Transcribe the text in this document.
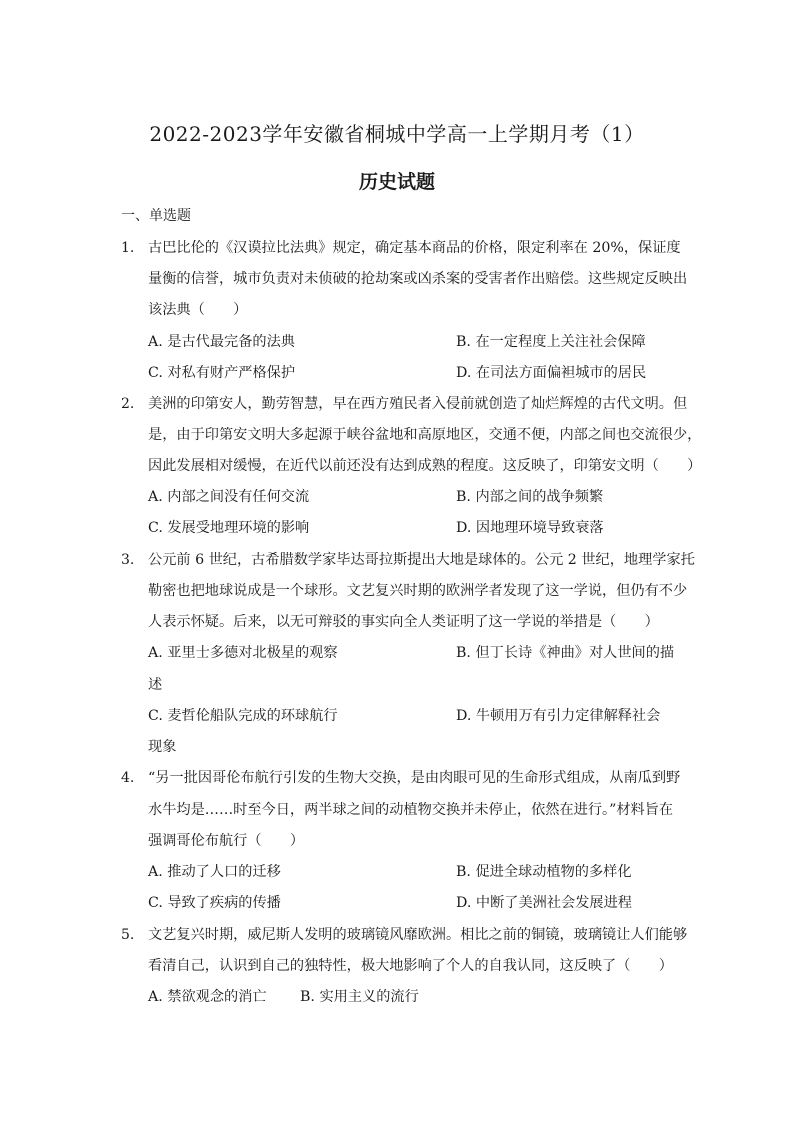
2022-2023学年安徽省桐城中学高一上学期月考（1）
历史试题
一、单选题
1. 古巴比伦的《汉谟拉比法典》规定，确定基本商品的价格，限定利率在 20%，保证度
量衡的信誉，城市负责对未侦破的抢劫案或凶杀案的受害者作出赔偿。这些规定反映出
该法典（　　）
A. 是古代最完备的法典	B. 在一定程度上关注社会保障
C. 对私有财产严格保护	D. 在司法方面偏袒城市的居民
2. 美洲的印第安人，勤劳智慧，早在西方殖民者入侵前就创造了灿烂辉煌的古代文明。但
是，由于印第安文明大多起源于峡谷盆地和高原地区，交通不便，内部之间也交流很少，
因此发展相对缓慢，在近代以前还没有达到成熟的程度。这反映了，印第安文明（　　）
A. 内部之间没有任何交流	B. 内部之间的战争频繁
C. 发展受地理环境的影响	D. 因地理环境导致衰落
3. 公元前 6 世纪，古希腊数学家毕达哥拉斯提出大地是球体的。公元 2 世纪，地理学家托
勒密也把地球说成是一个球形。文艺复兴时期的欧洲学者发现了这一学说，但仍有不少
人表示怀疑。后来，以无可辩驳的事实向全人类证明了这一学说的举措是（　　）
A. 亚里士多德对北极星的观察	B. 但丁长诗《神曲》对人世间的描
述
C. 麦哲伦船队完成的环球航行	D. 牛顿用万有引力定律解释社会
现象
4. “另一批因哥伦布航行引发的生物大交换，是由肉眼可见的生命形式组成，从南瓜到野
水牛均是……时至今日，两半球之间的动植物交换并未停止，依然在进行。”材料旨在
强调哥伦布航行（　　）
A. 推动了人口的迁移	B. 促进全球动植物的多样化
C. 导致了疾病的传播	D. 中断了美洲社会发展进程
5. 文艺复兴时期，威尼斯人发明的玻璃镜风靡欧洲。相比之前的铜镜，玻璃镜让人们能够
看清自己，认识到自己的独特性，极大地影响了个人的自我认同，这反映了（　　）
A. 禁欲观念的消亡 B. 实用主义的流行
